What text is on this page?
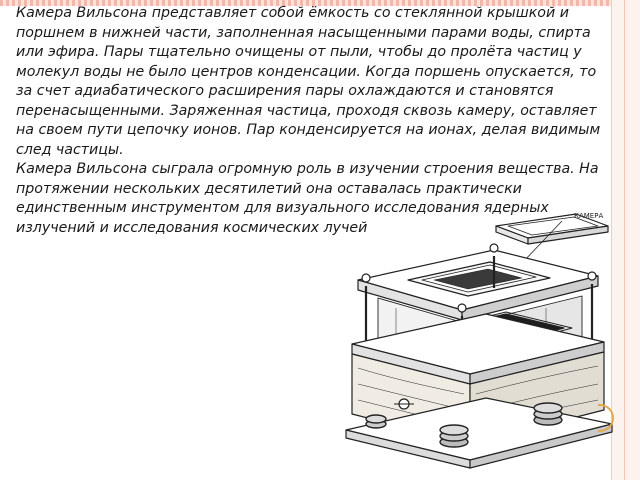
Камера Вильсона представляет собой ёмкость со стеклянной крышкой и поршнем в нижней части, заполненная насыщенными парами воды, спирта или эфира. Пары тщательно очищены от пыли, чтобы до пролёта частиц у молекул воды не было центров конденсации. Когда поршень опускается, то за счет адиабатического расширения пары охлаждаются и становятся перенасыщенными. Заряженная частица, проходя сквозь камеру, оставляет на своем пути цепочку ионов. Пар конденсируется на ионах, делая видимым след частицы.

Камера Вильсона сыграла огромную роль в изучении строения вещества. На протяжении нескольких десятилетий она оставалась практически единственным инструментом для визуального исследования ядерных излучений и исследования космических лучей

КАМЕРА
